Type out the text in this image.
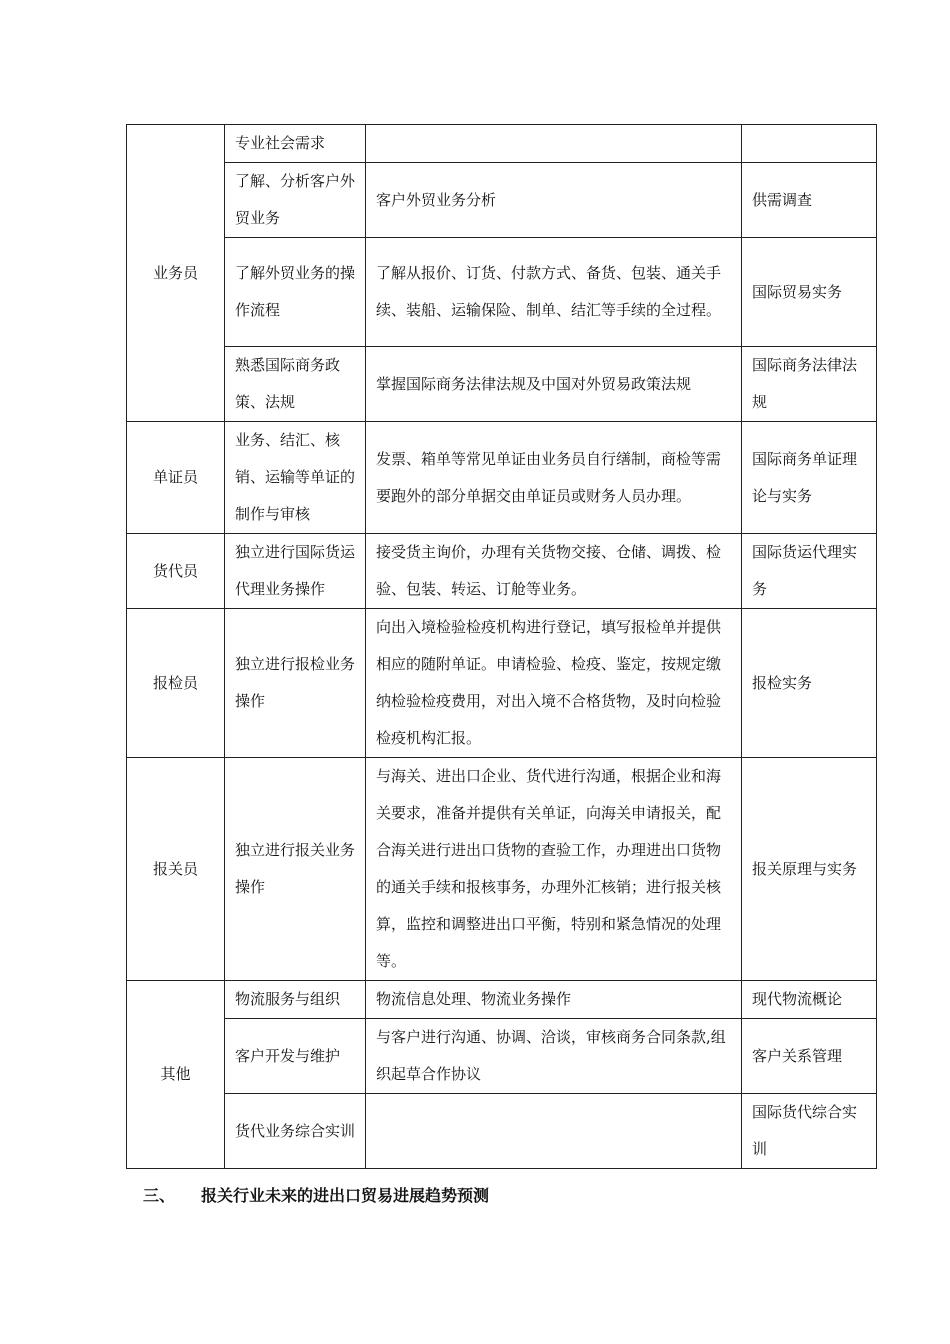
业务员	专业社会需求		
	了解、分析客户外贸业务	客户外贸业务分析	供需调查
	了解外贸业务的操作流程	了解从报价、订货、付款方式、备货、包装、通关手续、装船、运输保险、制单、结汇等手续的全过程。	国际贸易实务
	熟悉国际商务政策、法规	掌握国际商务法律法规及中国对外贸易政策法规	国际商务法律法规
单证员	业务、结汇、核销、运输等单证的制作与审核	发票、箱单等常见单证由业务员自行缮制，商检等需要跑外的部分单据交由单证员或财务人员办理。	国际商务单证理论与实务
货代员	独立进行国际货运代理业务操作	接受货主询价，办理有关货物交接、仓储、调拨、检验、包装、转运、订舱等业务。	国际货运代理实务
报检员	独立进行报检业务操作	向出入境检验检疫机构进行登记，填写报检单并提供相应的随附单证。申请检验、检疫、鉴定，按规定缴纳检验检疫费用，对出入境不合格货物，及时向检验检疫机构汇报。	报检实务
报关员	独立进行报关业务操作	与海关、进出口企业、货代进行沟通，根据企业和海关要求，准备并提供有关单证，向海关申请报关，配合海关进行进出口货物的查验工作，办理进出口货物的通关手续和报核事务，办理外汇核销；进行报关核算，监控和调整进出口平衡，特别和紧急情况的处理等。	报关原理与实务
其他	物流服务与组织	物流信息处理、物流业务操作	现代物流概论
	客户开发与维护	与客户进行沟通、协调、洽谈，审核商务合同条款,组织起草合作协议	客户关系管理
	货代业务综合实训		国际货代综合实训
三、 报关行业未来的进出口贸易进展趋势预测
